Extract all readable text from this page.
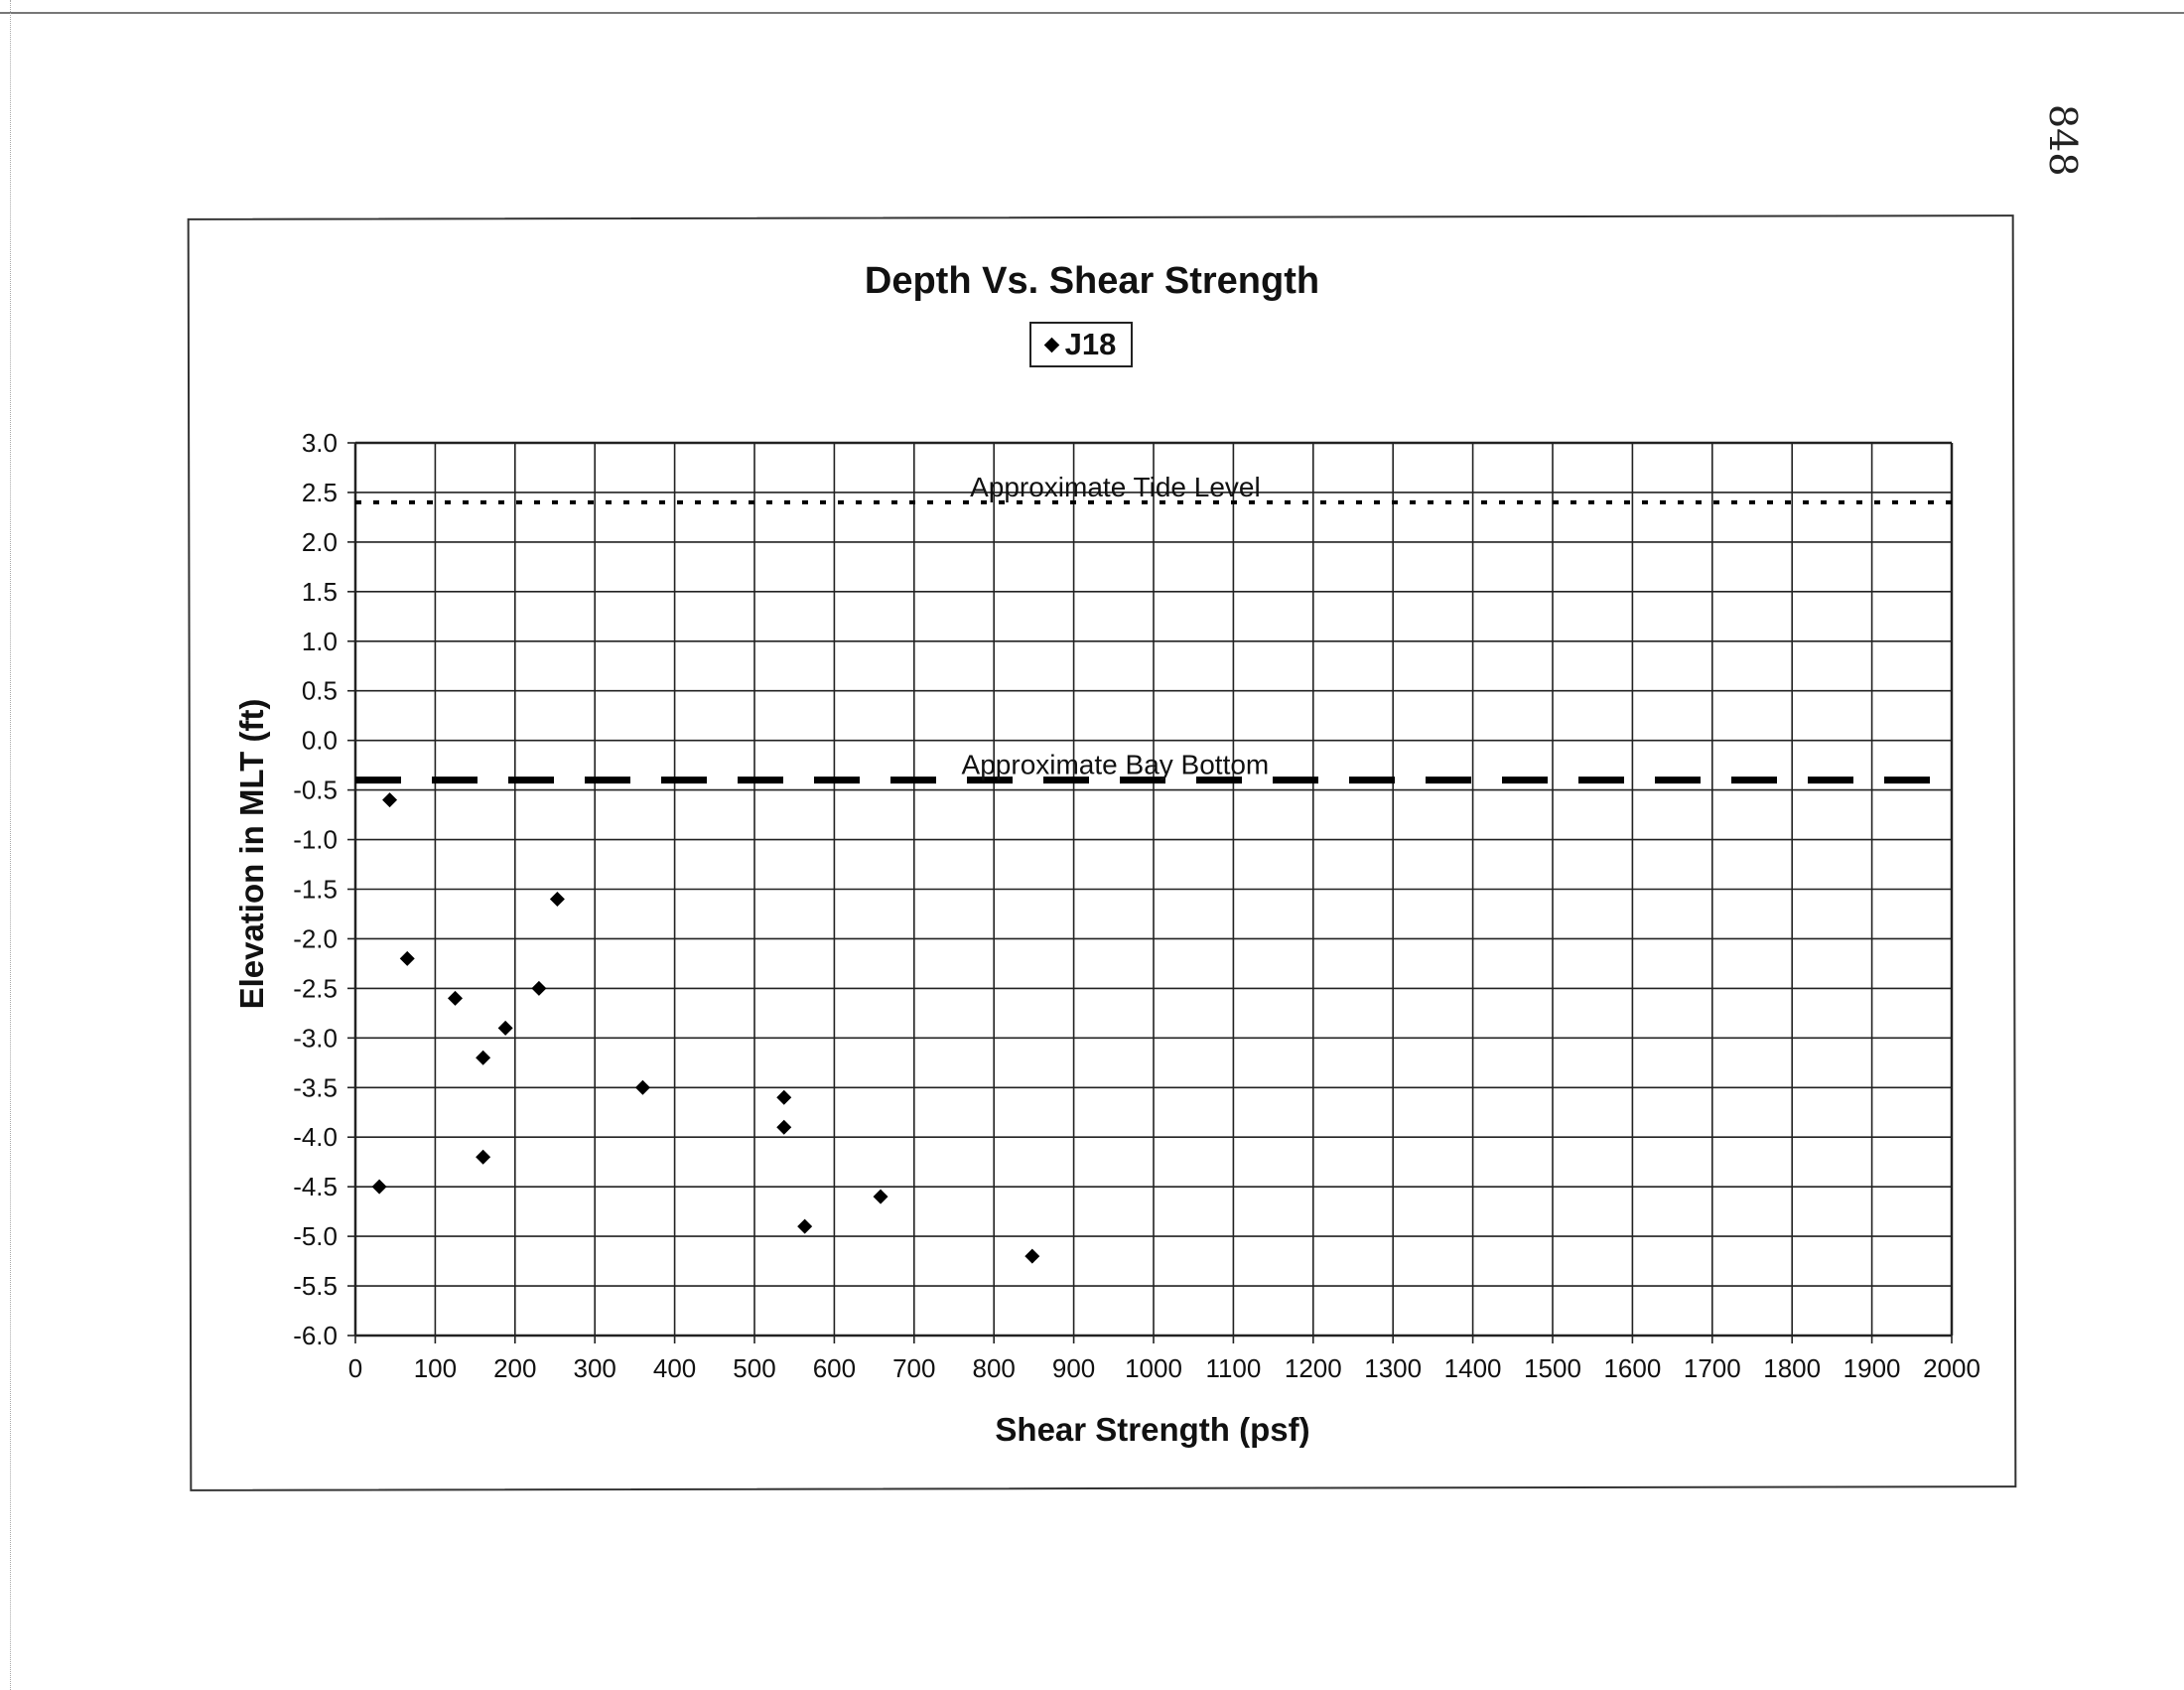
848
Depth Vs. Shear Strength
J18
Approximate Tide Level
Approximate Bay Bottom
0 100 200 300 400 500 600 700 800 900 1000 1100 1200 1300 1400 1500 1600 1700 1800 1900 2000
3.0
2.5
2.0
1.5
1.0
0.5
0.0
-0.5
-1.0
-1.5
-2.0
-2.5
-3.0
-3.5
-4.0
-4.5
-5.0
-5.5
-6.0
Elevation in MLT (ft)
Shear Strength (psf)
